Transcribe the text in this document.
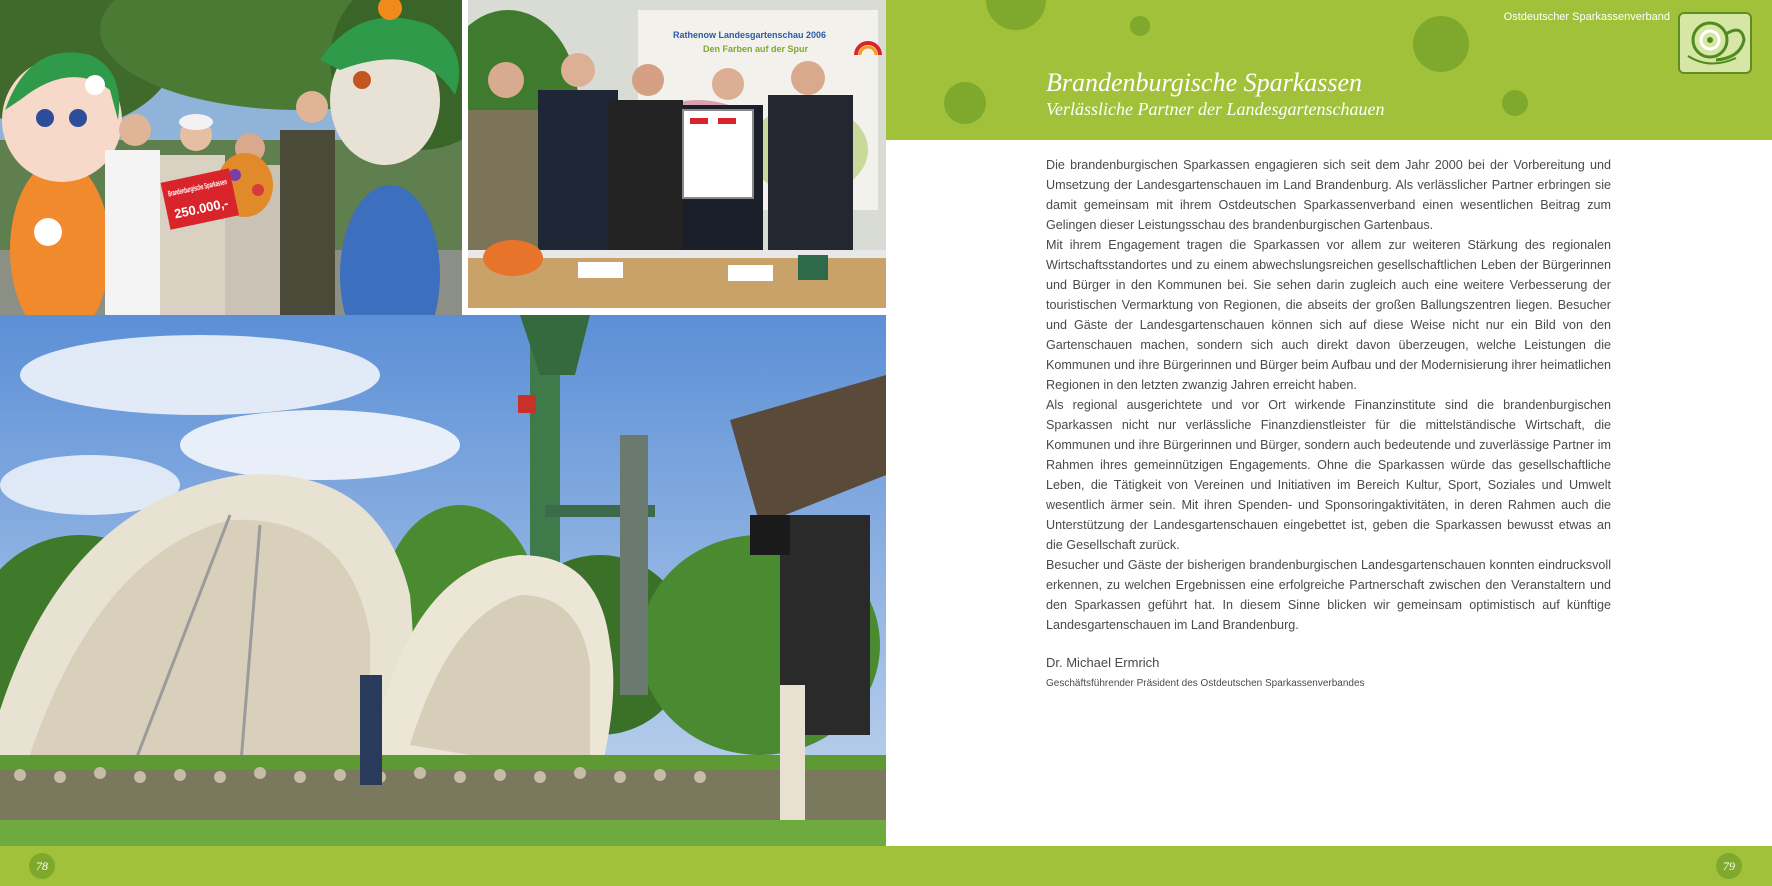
Brandenburgische Sparkassen
250.000,-
Rathenow Landesgartenschau 2006
Den Farben auf der Spur
Ostdeutscher Sparkassenverband
Brandenburgische Sparkassen
Verlässliche Partner der Landesgartenschauen

Die brandenburgischen Sparkassen engagieren sich seit dem Jahr 2000 bei der Vorbereitung und Umsetzung der Landesgartenschauen im Land Brandenburg. Als verlässlicher Partner erbringen sie damit gemeinsam mit ihrem Ostdeutschen Sparkassenverband einen wesentlichen Beitrag zum Gelingen dieser Leistungsschau des brandenburgischen Gartenbaus.

Mit ihrem Engagement tragen die Sparkassen vor allem zur weiteren Stärkung des regionalen Wirtschaftsstandortes und zu einem abwechslungsreichen gesellschaftlichen Leben der Bürgerinnen und Bürger in den Kommunen bei. Sie sehen darin zugleich auch eine weitere Verbesserung der touristischen Vermarktung von Regionen, die abseits der großen Ballungszentren liegen. Besucher und Gäste der Landesgartenschauen können sich auf diese Weise nicht nur ein Bild von den Gartenschauen machen, sondern sich auch direkt davon überzeugen, welche Leistungen die Kommunen und ihre Bürgerinnen und Bürger beim Aufbau und der Modernisierung ihrer heimatlichen Regionen in den letzten zwanzig Jahren erreicht haben.

Als regional ausgerichtete und vor Ort wirkende Finanzinstitute sind die brandenburgischen Sparkassen nicht nur verlässliche Finanzdienstleister für die mittelständische Wirtschaft, die Kommunen und ihre Bürgerinnen und Bürger, sondern auch bedeutende und zuverlässige Partner im Rahmen ihres gemeinnützigen Engagements. Ohne die Sparkassen würde das gesellschaftliche Leben, die Tätigkeit von Vereinen und Initiativen im Bereich Kultur, Sport, Soziales und Umwelt wesentlich ärmer sein. Mit ihren Spenden- und Sponsoringaktivitäten, in deren Rahmen auch die Unterstützung der Landesgartenschauen eingebettet ist, geben die Sparkassen bewusst etwas an die Gesellschaft zurück.

Besucher und Gäste der bisherigen brandenburgischen Landesgartenschauen konnten eindrucksvoll erkennen, zu welchen Ergebnissen eine erfolgreiche Partnerschaft zwischen den Veranstaltern und den Sparkassen geführt hat. In diesem Sinne blicken wir gemeinsam optimistisch auf künftige Landesgartenschauen im Land Brandenburg.

Dr. Michael Ermrich
Geschäftsführender Präsident des Ostdeutschen Sparkassenverbandes
78	79
